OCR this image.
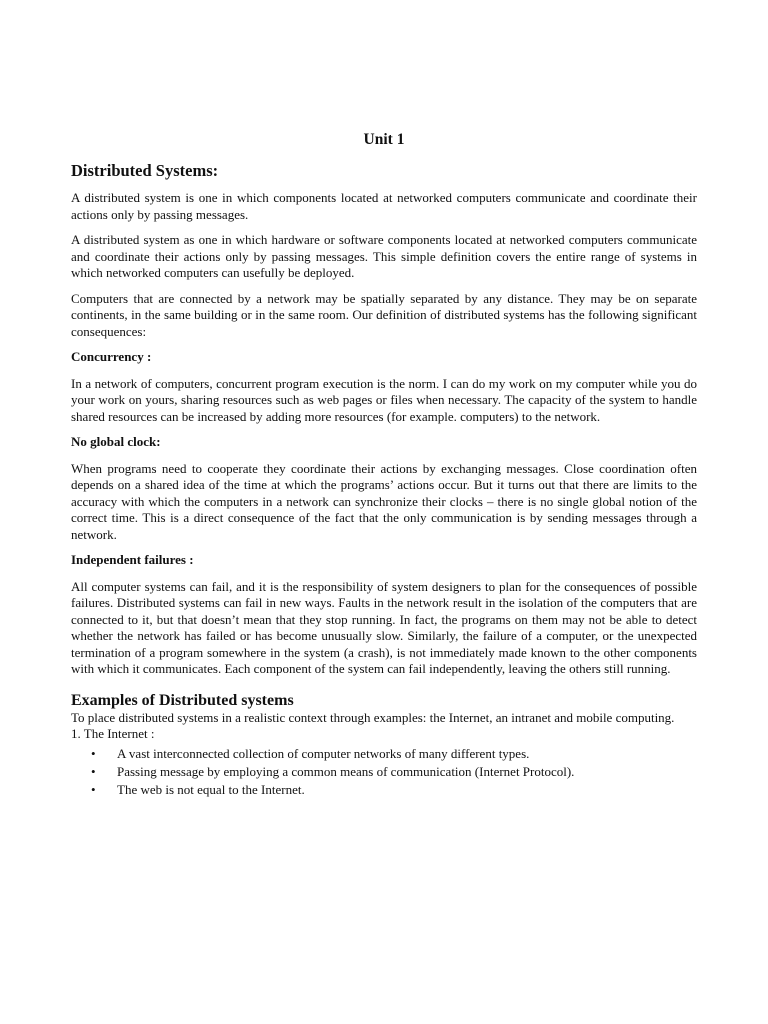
Unit 1
Distributed Systems:

A distributed system is one in which components located at networked computers communicate and coordinate their actions only by passing messages.

A distributed system as one in which hardware or software components located at networked computers communicate and coordinate their actions only by passing messages. This simple definition covers the entire range of systems in which networked computers can usefully be deployed.

Computers that are connected by a network may be spatially separated by any distance. They may be on separate continents, in the same building or in the same room. Our definition of distributed systems has the following significant consequences:

Concurrency :

In a network of computers, concurrent program execution is the norm. I can do my work on my computer while you do your work on yours, sharing resources such as web pages or files when necessary. The capacity of the system to handle shared resources can be increased by adding more resources (for example. computers) to the network.

No global clock:

When programs need to cooperate they coordinate their actions by exchanging messages. Close coordination often depends on a shared idea of the time at which the programs’ actions occur. But it turns out that there are limits to the accuracy with which the computers in a network can synchronize their clocks – there is no single global notion of the correct time. This is a direct consequence of the fact that the only communication is by sending messages through a network.

Independent failures :

All computer systems can fail, and it is the responsibility of system designers to plan for the consequences of possible failures. Distributed systems can fail in new ways. Faults in the network result in the isolation of the computers that are connected to it, but that doesn’t mean that they stop running. In fact, the programs on them may not be able to detect whether the network has failed or has become unusually slow. Similarly, the failure of a computer, or the unexpected termination of a program somewhere in the system (a crash), is not immediately made known to the other components with which it communicates. Each component of the system can fail independently, leaving the others still running.

Examples of Distributed systems

To place distributed systems in a realistic context through examples: the Internet, an intranet and mobile computing.

1. The Internet :

• A vast interconnected collection of computer networks of many different types.
• Passing message by employing a common means of communication (Internet Protocol).
• The web is not equal to the Internet.
